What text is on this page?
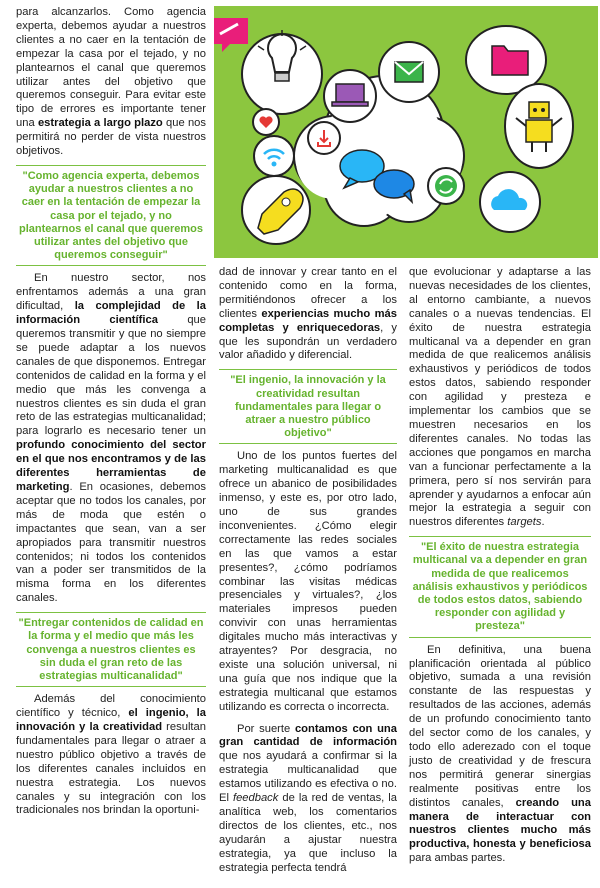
para alcanzarlos. Como agencia experta, debemos ayudar a nuestros clientes a no caer en la tentación de empezar la casa por el tejado, y no plantearnos el canal que queremos utilizar antes del objetivo que queremos conseguir. Para evitar este tipo de errores es importante tener una estrategia a largo plazo que nos permitirá no perder de vista nuestros objetivos.

"Como agencia experta, debemos ayudar a nuestros clientes a no caer en la tentación de empezar la casa por el tejado, y no plantearnos el canal que queremos utilizar antes del objetivo que queremos conseguir"

En nuestro sector, nos enfrentamos además a una gran dificultad, la complejidad de la información científica que queremos transmitir y que no siempre se puede adaptar a los nuevos canales de que disponemos. Entregar contenidos de calidad en la forma y el medio que más les convenga a nuestros clientes es sin duda el gran reto de las estrategias multicanalidad; para lograrlo es necesario tener un profundo conocimiento del sector en el que nos encontramos y de las diferentes herramientas de marketing. En ocasiones, debemos aceptar que no todos los canales, por más de moda que estén o impactantes que sean, van a ser apropiados para transmitir nuestros contenidos; ni todos los contenidos van a poder ser transmitidos de la misma forma en los diferentes canales.

"Entregar contenidos de calidad en la forma y el medio que más les convenga a nuestros clientes es sin duda el gran reto de las estrategias multicanalidad"

Además del conocimiento científico y técnico, el ingenio, la innovación y la creatividad resultan fundamentales para llegar o atraer a nuestro público objetivo a través de los diferentes canales incluidos en nuestra estrategia. Los nuevos canales y su integración con los tradicionales nos brindan la oportuni-

dad de innovar y crear tanto en el contenido como en la forma, permitiéndonos ofrecer a los clientes experiencias mucho más completas y enriquecedoras, y que les supondrán un verdadero valor añadido y diferencial.

"El ingenio, la innovación y la creatividad resultan fundamentales para llegar o atraer a nuestro público objetivo"

Uno de los puntos fuertes del marketing multicanalidad es que ofrece un abanico de posibilidades inmenso, y este es, por otro lado, uno de sus grandes inconvenientes. ¿Cómo elegir correctamente las redes sociales en las que vamos a estar presentes?, ¿cómo podríamos combinar las visitas médicas presenciales y virtuales?, ¿los materiales impresos pueden convivir con unas herramientas digitales mucho más interactivas y atrayentes? Por desgracia, no existe una solución universal, ni una guía que nos indique que la estrategia multicanal que estamos utilizando es correcta o incorrecta.

Por suerte contamos con una gran cantidad de información que nos ayudará a confirmar si la estrategia multicanalidad que estamos utilizando es efectiva o no. El feedback de la red de ventas, la analítica web, los comentarios directos de los clientes, etc., nos ayudarán a ajustar nuestra estrategia, ya que incluso la estrategia perfecta tendrá

que evolucionar y adaptarse a las nuevas necesidades de los clientes, al entorno cambiante, a nuevos canales o a nuevas tendencias. El éxito de nuestra estrategia multicanal va a depender en gran medida de que realicemos análisis exhaustivos y periódicos de todos estos datos, sabiendo responder con agilidad y presteza e implementar los cambios que se muestren necesarios en los diferentes canales. No todas las acciones que pongamos en marcha van a funcionar perfectamente a la primera, pero sí nos servirán para aprender y ayudarnos a enfocar aún mejor la estrategia a seguir con nuestros diferentes targets.

"El éxito de nuestra estrategia multicanal va a depender en gran medida de que realicemos análisis exhaustivos y periódicos de todos estos datos, sabiendo responder con agilidad y presteza"

En definitiva, una buena planificación orientada al público objetivo, sumada a una revisión constante de las respuestas y resultados de las acciones, además de un profundo conocimiento tanto del sector como de los canales, y todo ello aderezado con el toque justo de creatividad y de frescura nos permitirá generar sinergias realmente positivas entre los distintos canales, creando una manera de interactuar con nuestros clientes mucho más productiva, honesta y beneficiosa para ambas partes.
